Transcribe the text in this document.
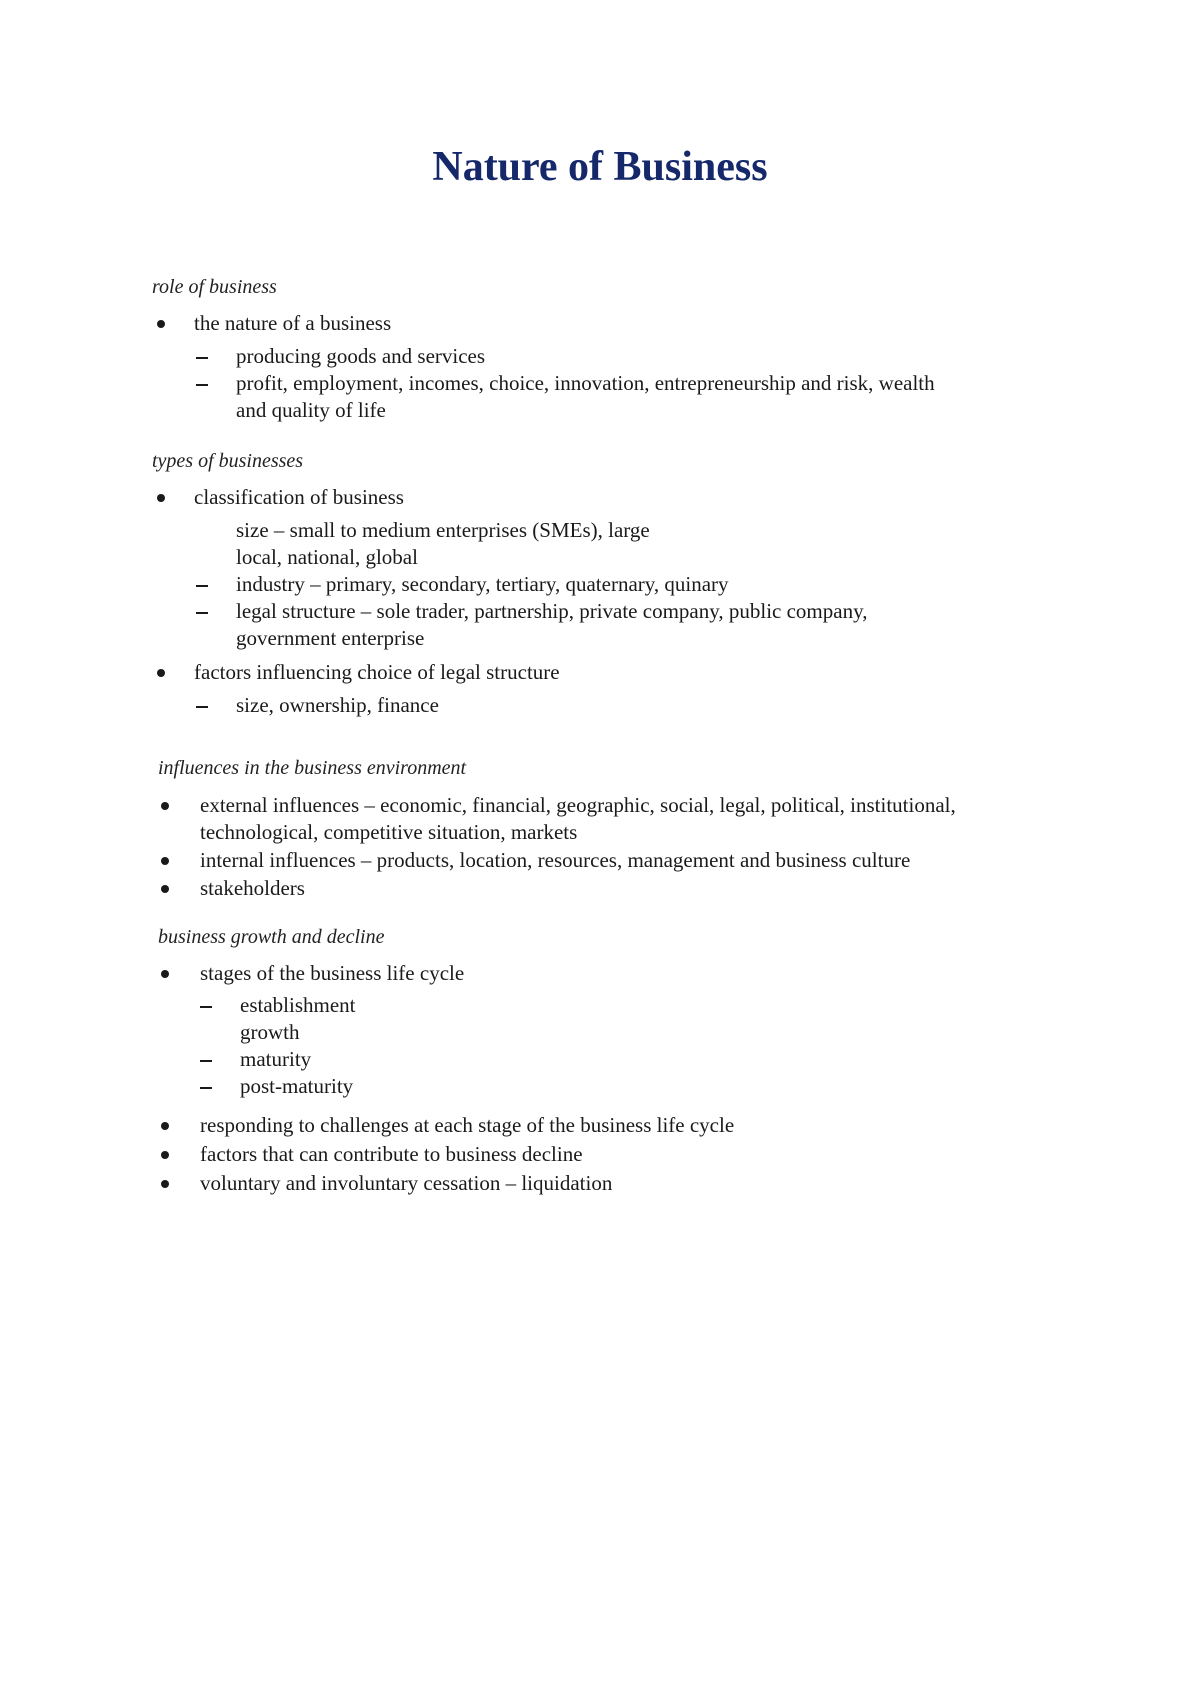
Nature of Business
role of business
the nature of a business
producing goods and services
profit, employment, incomes, choice, innovation, entrepreneurship and risk, wealth
and quality of life
types of businesses
classification of business
size – small to medium enterprises (SMEs), large
local, national, global
industry – primary, secondary, tertiary, quaternary, quinary
legal structure – sole trader, partnership, private company, public company,
government enterprise
factors influencing choice of legal structure
size, ownership, finance
influences in the business environment
external influences – economic, financial, geographic, social, legal, political, institutional,
technological, competitive situation, markets
internal influences – products, location, resources, management and business culture
stakeholders
business growth and decline
stages of the business life cycle
establishment
growth
maturity
post-maturity
responding to challenges at each stage of the business life cycle
factors that can contribute to business decline
voluntary and involuntary cessation – liquidation
